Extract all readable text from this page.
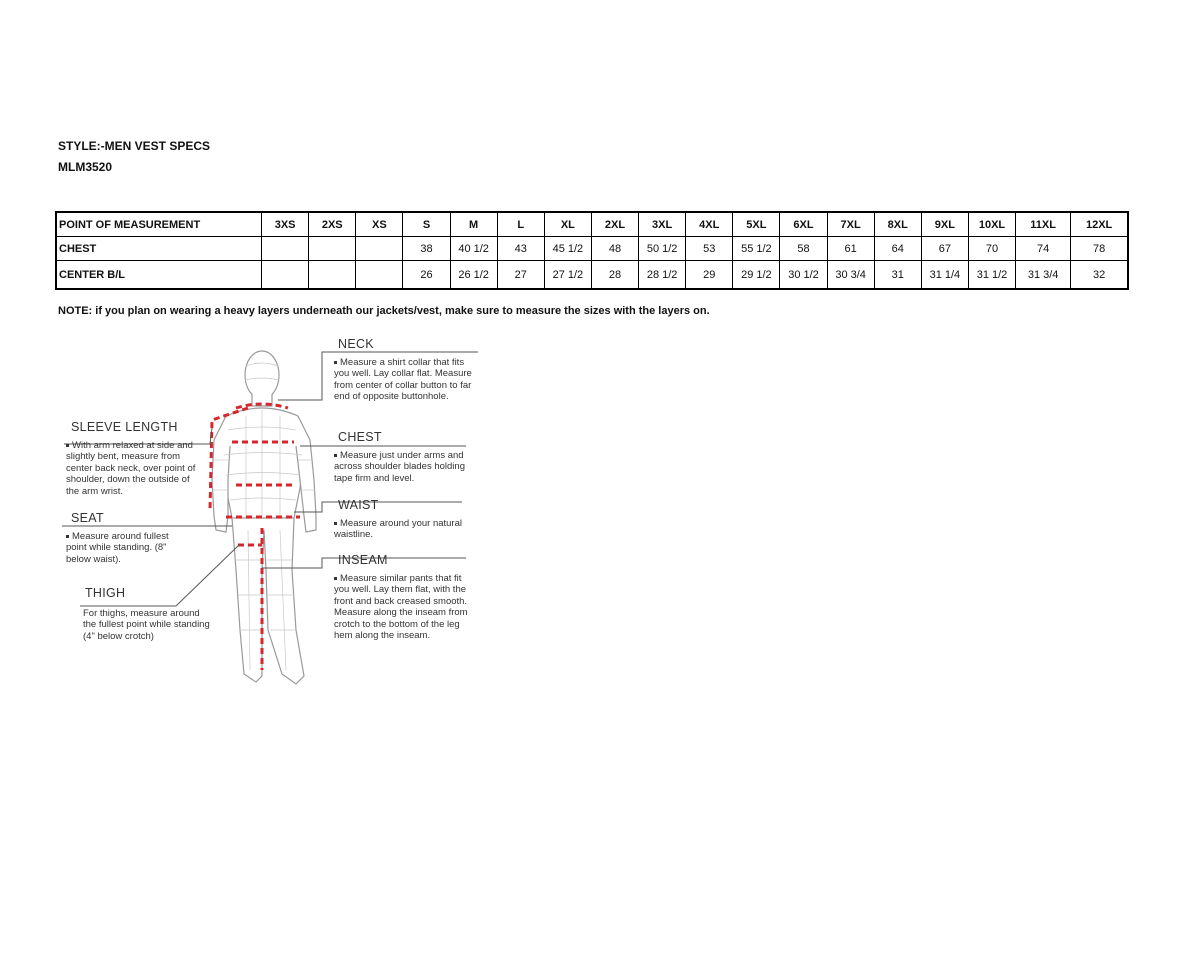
STYLE:-MEN VEST SPECS
MLM3520
POINT OF MEASUREMENT	3XS	2XS	XS	S	M	L	XL	2XL	3XL	4XL	5XL	6XL	7XL	8XL	9XL	10XL	11XL	12XL
CHEST				38	40 1/2	43	45 1/2	48	50 1/2	53	55 1/2	58	61	64	67	70	74	78
CENTER B/L				26	26 1/2	27	27 1/2	28	28 1/2	29	29 1/2	30 1/2	30 3/4	31	31 1/4	31 1/2	31 3/4	32
NOTE: if you plan on wearing a heavy layers underneath our jackets/vest, make sure to measure the sizes with the layers on.
NECK
Measure a shirt collar that fits you well. Lay collar flat. Measure from center of collar button to far end of opposite buttonhole.
CHEST
Measure just under arms and across shoulder blades holding tape firm and level.
WAIST
Measure around your natural waistline.
INSEAM
Measure similar pants that fit you well. Lay them flat, with the front and back creased smooth. Measure along the inseam from crotch to the bottom of the leg hem along the inseam.
SLEEVE LENGTH
With arm relaxed at side and slightly bent, measure from center back neck, over point of shoulder, down the outside of the arm wrist.
SEAT
Measure around fullest point while standing. (8" below waist).
THIGH
For thighs, measure around the fullest point while standing (4" below crotch)
